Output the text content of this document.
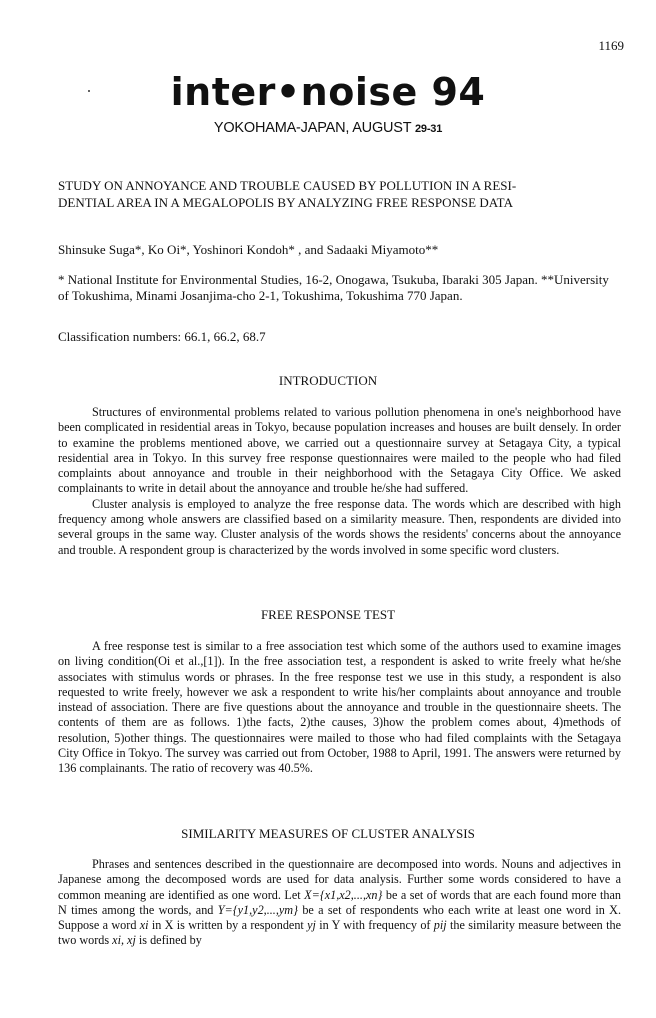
1169
inter•noise 94
YOKOHAMA-JAPAN, AUGUST 29-31
STUDY ON ANNOYANCE AND TROUBLE CAUSED BY POLLUTION IN A RESI-
DENTIAL AREA IN A MEGALOPOLIS BY ANALYZING FREE RESPONSE DATA
Shinsuke Suga*, Ko Oi*, Yoshinori Kondoh* , and Sadaaki Miyamoto**
* National Institute for Environmental Studies, 16-2, Onogawa, Tsukuba, Ibaraki 305 Japan. **University of Tokushima, Minami Josanjima-cho 2-1, Tokushima, Tokushima 770 Japan.
Classification numbers: 66.1, 66.2, 68.7
INTRODUCTION

Structures of environmental problems related to various pollution phenomena in one's neighborhood have been complicated in residential areas in Tokyo, because population increases and houses are built densely. In order to examine the problems mentioned above, we carried out a questionnaire survey at Setagaya City, a typical residential area in Tokyo. In this survey free response questionnaires were mailed to the people who had filed complaints about annoyance and trouble in their neighborhood with the Setagaya City Office. We asked complainants to write in detail about the annoyance and trouble he/she had suffered.

Cluster analysis is employed to analyze the free response data. The words which are described with high frequency among whole answers are classified based on a similarity measure. Then, respondents are divided into several groups in the same way. Cluster analysis of the words shows the residents' concerns about the annoyance and trouble. A respondent group is characterized by the words involved in some specific word clusters.

FREE RESPONSE TEST

A free response test is similar to a free association test which some of the authors used to examine images on living condition(Oi et al.,[1]). In the free association test, a respondent is asked to write freely what he/she associates with stimulus words or phrases. In the free response test we use in this study, a respondent is also requested to write freely, however we ask a respondent to write his/her complaints about annoyance and trouble instead of association. There are five questions about the annoyance and trouble in the questionnaire sheets. The contents of them are as follows. 1)the facts, 2)the causes, 3)how the problem comes about, 4)methods of resolution, 5)other things. The questionnaires were mailed to those who had filed complaints with the Setagaya City Office in Tokyo. The survey was carried out from October, 1988 to April, 1991. The answers were returned by 136 complainants. The ratio of recovery was 40.5%.

SIMILARITY MEASURES OF CLUSTER ANALYSIS

Phrases and sentences described in the questionnaire are decomposed into words. Nouns and adjectives in Japanese among the decomposed words are used for data analysis. Further some words considered to have a common meaning are identified as one word. Let X={x1,x2,...,xn} be a set of words that are each found more than N times among the words, and Y={y1,y2,...,ym} be a set of respondents who each write at least one word in X. Suppose a word xi in X is written by a respondent yj in Y with frequency of pij the similarity measure between the two words xi, xj is defined by
